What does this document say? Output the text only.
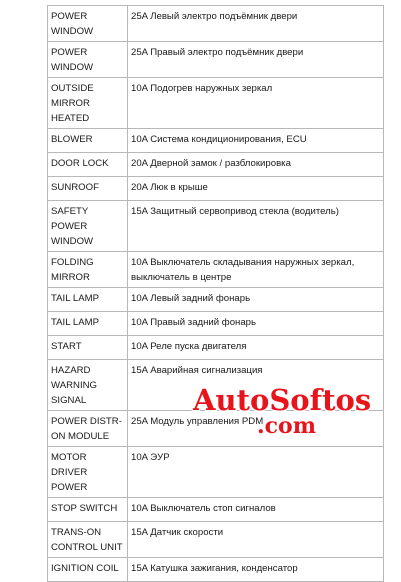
POWER WINDOW	25A Левый электро подъёмник двери
POWER WINDOW	25A Правый электро подъёмник двери
OUTSIDE MIRROR HEATED	10A Подогрев наружных зеркал
BLOWER	10A Система кондиционирования, ECU
DOOR LOCK	20A Дверной замок / разблокировка
SUNROOF	20A Люк в крыше
SAFETY POWER WINDOW	15A Защитный сервопривод стекла (водитель)
FOLDING MIRROR	10A Выключатель складывания наружных зеркал, выключатель в центре
TAIL LAMP	10A Левый задний фонарь
TAIL LAMP	10A Правый задний фонарь
START	10A Реле пуска двигателя
HAZARD WARNING SIGNAL	15A Аварийная сигнализация
POWER DISTR-ON MODULE	25A Модуль управления PDM
MOTOR DRIVER POWER	10A ЭУР
STOP SWITCH	10A Выключатель стоп сигналов
TRANS-ON CONTROL UNIT	15A Датчик скорости
IGNITION COIL	15A Катушка зажигания, конденсатор
AutoSoftos
.com
